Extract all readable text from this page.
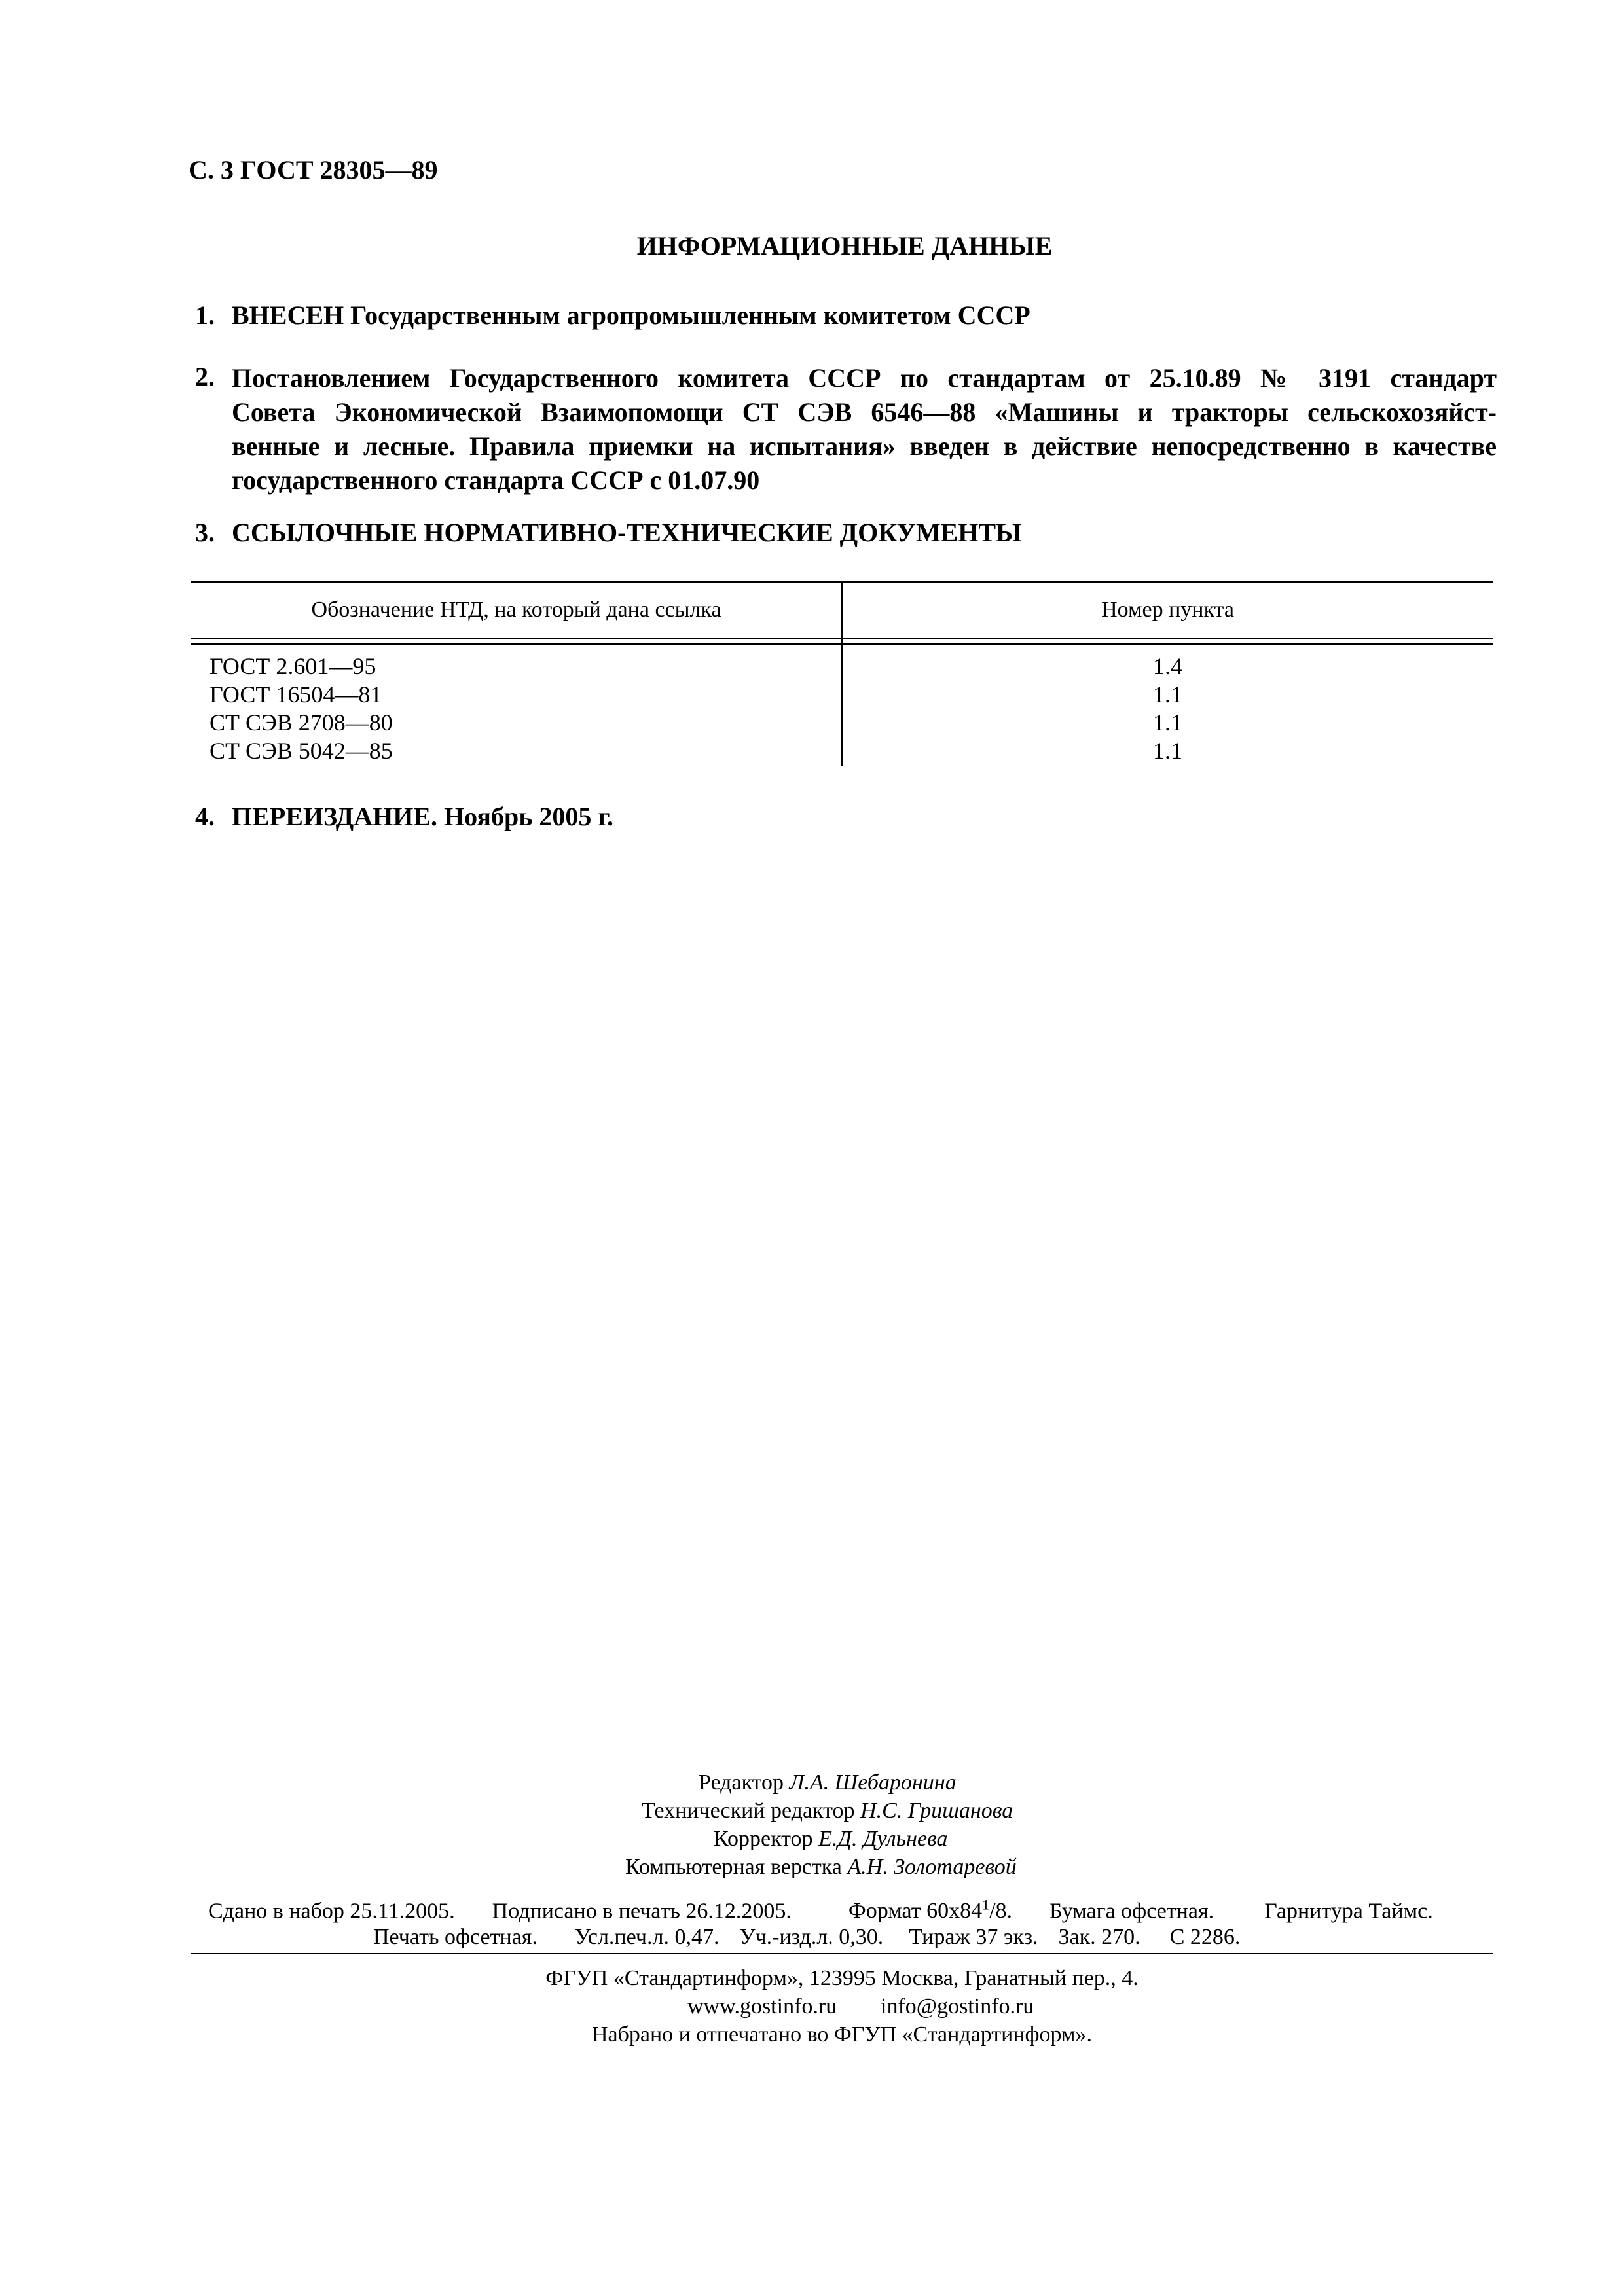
С. 3 ГОСТ 28305—89
ИНФОРМАЦИОННЫЕ ДАННЫЕ
1. ВНЕСЕН Государственным агропромышленным комитетом СССР
2. Постановлением Государственного комитета СССР по стандартам от 25.10.89 № 3191 стандарт
Совета Экономической Взаимопомощи СТ СЭВ 6546—88 «Машины и тракторы сельскохозяйст-
венные и лесные. Правила приемки на испытания» введен в действие непосредственно в качестве
государственного стандарта СССР с 01.07.90
3. ССЫЛОЧНЫЕ НОРМАТИВНО-ТЕХНИЧЕСКИЕ ДОКУМЕНТЫ
Обозначение НТД, на который дана ссылка	Номер пункта
ГОСТ 2.601—95	1.4
ГОСТ 16504—81	1.1
СТ СЭВ 2708—80	1.1
СТ СЭВ 5042—85	1.1
4. ПЕРЕИЗДАНИЕ. Ноябрь 2005 г.
Редактор Л.А. Шебаронина
Технический редактор Н.С. Гришанова
Корректор Е.Д. Дульнева
Компьютерная верстка А.Н. Золотаревой
Сдано в набор 25.11.2005. Подписано в печать 26.12.2005.	Формат $60x84^1/8$. Бумага офсетная. Гарнитура Таймс.
Печать офсетная. Усл.печ.л. 0,47. Уч.-изд.л. 0,30. Тираж 37 экз. Зак. 270. С 2286.
ФГУП «Стандартинформ», 123995 Москва, Гранатный пер., 4.
www.gostinfo.ru info@gostinfo.ru
Набрано и отпечатано во ФГУП «Стандартинформ».
